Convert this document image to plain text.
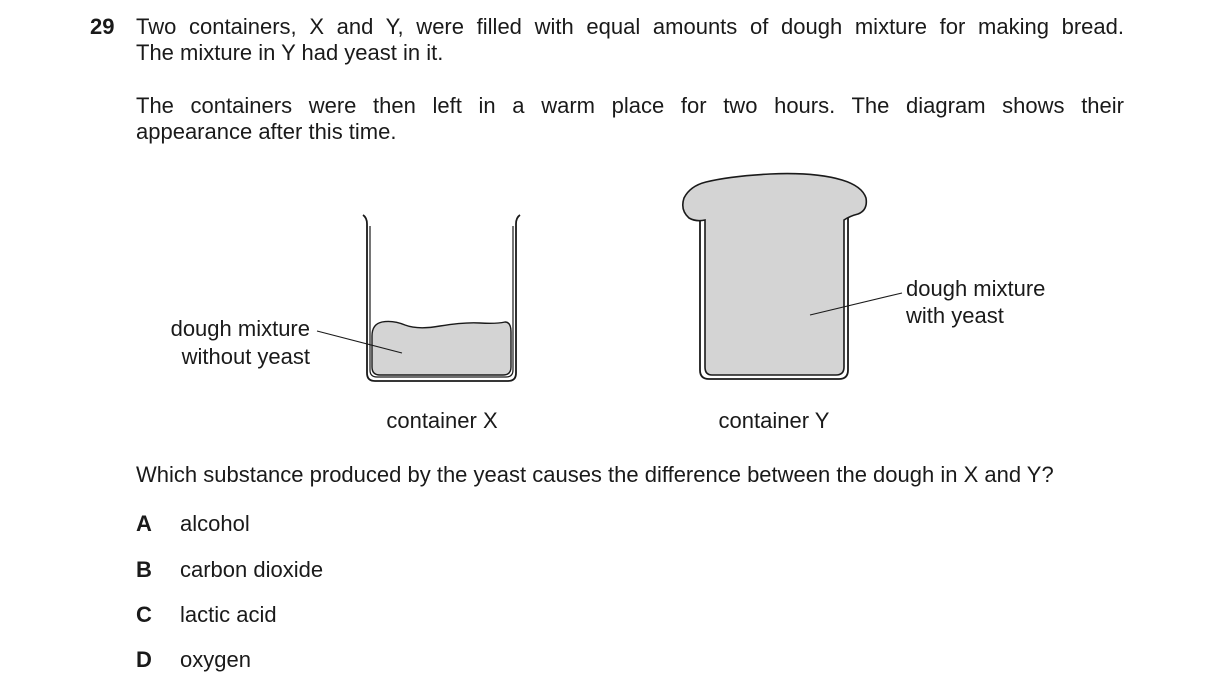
29 Two containers, X and Y, were filled with equal amounts of dough mixture for making bread.
The mixture in Y had yeast in it.
The containers were then left in a warm place for two hours. The diagram shows their
appearance after this time.
dough mixture
without yeast
dough mixture
with yeast
container X	container Y
Which substance produced by the yeast causes the difference between the dough in X and Y?
A alcohol
B carbon dioxide
C lactic acid
D oxygen
